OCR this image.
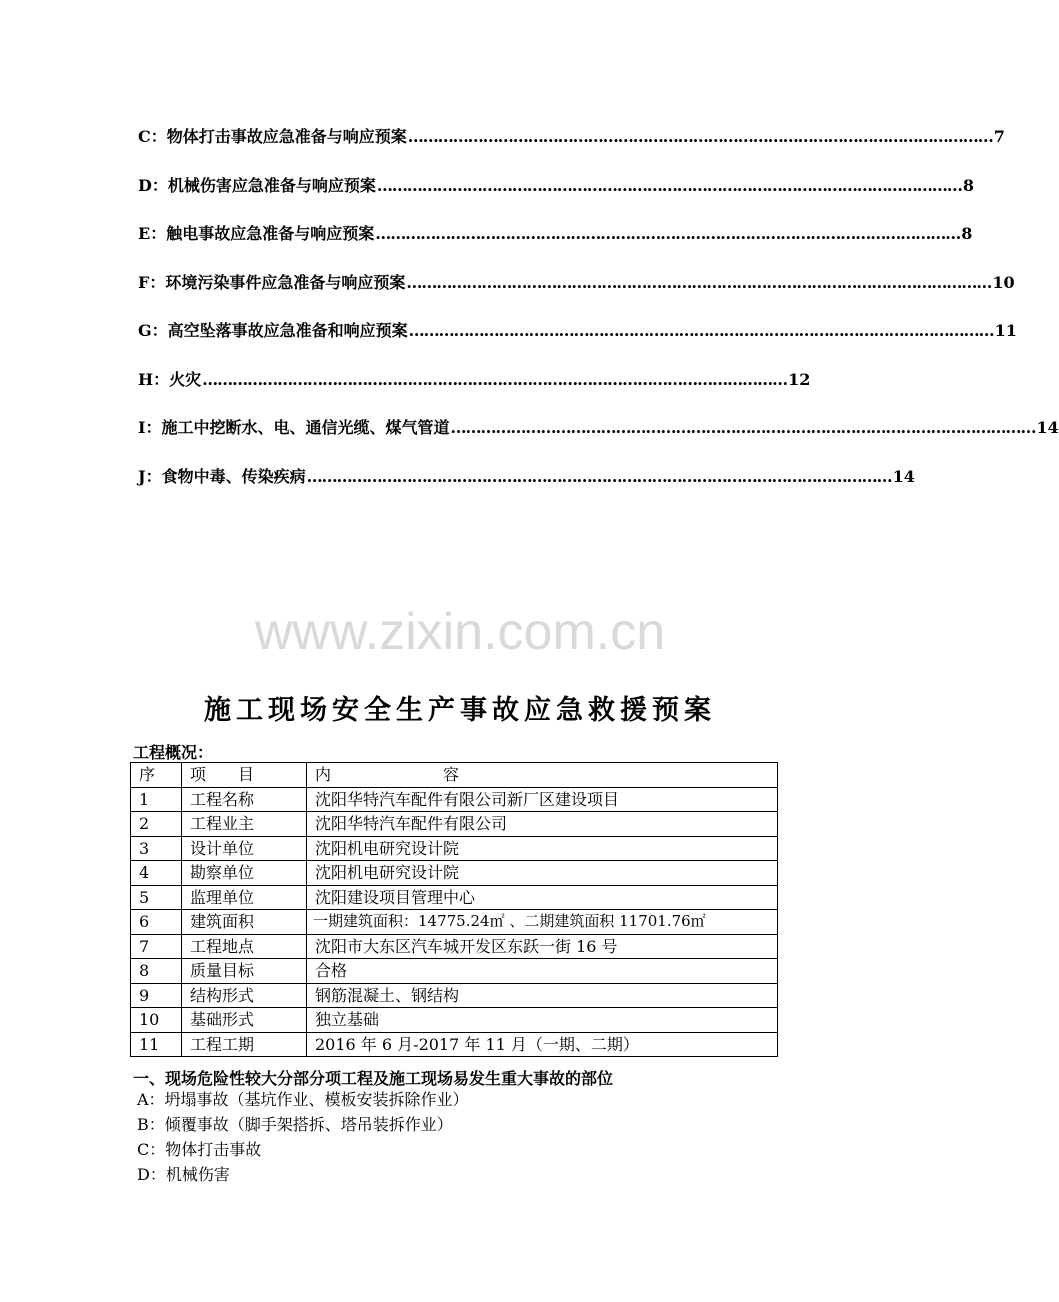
C：物体打击事故应急准备与响应预案 ……………………………………………………………………………………………………… 7
D：机械伤害应急准备与响应预案 ……………………………………………………………………………………………………… 8
E：触电事故应急准备与响应预案 ……………………………………………………………………………………………………… 8
F：环境污染事件应急准备与响应预案 ……………………………………………………………………………………………………… 10
G：高空坠落事故应急准备和响应预案 ……………………………………………………………………………………………………… 11
H：火灾 ……………………………………………………………………………………………………… 12
I：施工中挖断水、电、通信光缆、煤气管道 ……………………………………………………………………………………………………… 14
J：食物中毒、传染疾病 ……………………………………………………………………………………………………… 14
www.zixin.com.cn
施工现场安全生产事故应急救援预案
工程概况：
序	项　　目	内　　　　　　　容
1	工程名称	沈阳华特汽车配件有限公司新厂区建设项目
2	工程业主	沈阳华特汽车配件有限公司
3	设计单位	沈阳机电研究设计院
4	勘察单位	沈阳机电研究设计院
5	监理单位	沈阳建设项目管理中心
6	建筑面积	一期建筑面积：14775.24㎡ 、二期建筑面积 11701.76㎡
7	工程地点	沈阳市大东区汽车城开发区东跃一街 16 号
8	质量目标	合格
9	结构形式	钢筋混凝土、钢结构
10	基础形式	独立基础
11	工程工期	2016 年 6 月-2017 年 11 月（一期、二期）
一、现场危险性较大分部分项工程及施工现场易发生重大事故的部位
A：坍塌事故（基坑作业、模板安装拆除作业）
B：倾覆事故（脚手架搭拆、塔吊装拆作业）
C：物体打击事故
D：机械伤害
